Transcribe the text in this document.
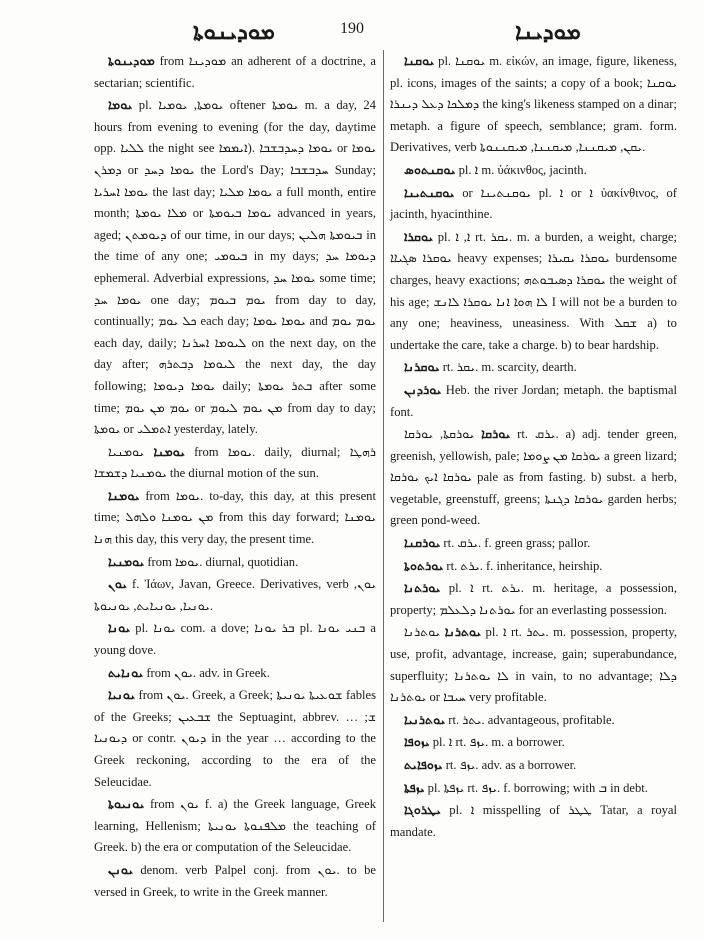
ܡܘܕܝܢܘܬܐ	190	ܡܘܕܝܢܐ

ܡܘܕܝܢܘܬܐ from ܡܘܕܝܢܐ an adherent of a doctrine, a sectarian; scientific.

ܝܘܡܐ pl. ܝܘܡܬܐ, ܝܘܡܝܐ oftener ܝܘܡܬܐ m. a day, 24 hours from evening to evening (for the day, daytime opp. ܠܠܝܐ the night see ܐܝܡܡܐ). ܝܘܡܐ ܕܚܕܒܫܒܐ or ܝܘܡܐ ܕܡܪܢ or ܝܘܡܐ ܕܚܕ the Lord's Day; ܚܕܒܫܒܐ Sunday; ܝܘܡܐ ܐܚܪܝܐ the last day; ܝܘܡܐ ܡܠܝܐ a full month, entire month; ܡܠܐ ܝܘܡܬܐ or ܝܘܡܐ ܒܝܘܡܬܐ advanced in years, aged; ܕܝܘܡܬܢ of our time, in our days; ܒܝܘܡܬܐ ܗܠܝܢ in the time of any one; ܒܝܘܡܝ in my days; ܕܝܘܡܐ ܚܕ ephemeral. Adverbial expressions, ܝܘܡܐ ܚܕ some time; ܝܘܡܐ ܚܕ one day; ܝܘܡ ܒܝܘܡ from day to day, continually; ܟܠ ܝܘܡ each day; ܝܘܡܐ ܝܘܡܐ and ܝܘܡ ܝܘܡ each day, daily; ܠܝܘܡܐ ܐܚܪܢܐ on the next day, on the day after; ܠܝܘܡܐ ܕܒܬܪܗ the next day, the day following; ܝܘܡܐ ܕܝܘܡܐ daily; ܒܬܪ ܝܘܡܬܐ after some time; ܝܘܡ ܡܢ ܝܘܡ or ܡܢ ܝܘܡ ܠܝܘܡ from day to day; ܝܘܡܬܐ or ܐܬܡܠܝ yesterday, lately.

ܝܘܡܢܐ ܝܘܡܢܝܐ from ܝܘܡܐ. daily, diurnal; ܪܗܛܐ ܝܘܡܢܝܐ ܕܫܡܫܐ the diurnal motion of the sun.

ܝܘܡܢܐ from ܝܘܡܐ. to-day, this day, at this present time; ܡܢ ܝܘܡܢܐ ܘܠܗܠ from this day forward; ܝܘܡܢܐ ܗܢܐ this day, this very day, the present time.

ܝܘܡܢܝܐ from ܝܘܡܐ. diurnal, quotidian.

ܝܘܢ f. Ἰάων, Javan, Greece. Derivatives, verb ܝܘܢ, ܝܘܢܝܐ, ܝܘܢܝܐܝܬ, ܝܘܢܝܘܬܐ.

ܝܘܢܐ pl. ܝܘܢܐ com. a dove; ܒܪ ܝܘܢܐ pl. ܒܢܝ ܝܘܢܐ a young dove.

ܝܘܢܐܝܬ from ܝܘܢ. adv. in Greek.

ܝܘܢܝܐ from ܝܘܢ. Greek, a Greek; ܫܘܥܝܬܐ ܝܘܢܝܬܐ fables of the Greeks; ܫܒܥܝܢ the Septuagint, abbrev. ܫ; … ܕܝܘܢܝܐ or contr. ܕܝܘܢ in the year … according to the Greek reckoning, according to the era of the Seleucidae.

ܝܘܢܝܘܬܐ from ܝܘܢ f. a) the Greek language, Greek learning, Hellenism; ܡܠܦܢܘܬܐ ܝܘܢܝܬܐ the teaching of Greek. b) the era or computation of the Seleucidae.

ܝܘܢܢ denom. verb Palpel conj. from ܝܘܢ. to be versed in Greek, to write in the Greek manner.

ܝܘܩܢܐ pl. ܝܘܩܢܐ m. εἰκών, an image, figure, likeness, pl. icons, images of the saints; a copy of a book; ܝܘܩܢܐ ܕܡܠܟܐ ܕܥܠ ܕܝܢܪܐ the king's likeness stamped on a dinar; metaph. a figure of speech, semblance; gram. form. Derivatives, verb ܝܩܢ, ܡܝܩܢܢܐ, ܡܝܩܢܢܐ, ܡܝܩܢܢܘܬܐ.

ܝܘܩܢܬܘܣ pl. ܐ m. ὑάκινθος, jacinth.

ܝܘܩܢܬܝܢܐ or ܝܘܩܢܬܝܢܐ pl. ܐ or ܐ ὑακίνθινος, of jacinth, hyacinthine.

ܝܘܩܪܐ pl. ܐ, ܐ rt. ܝܩܪ. m. a burden, a weight, charge; ܝܘܩܪܐ ܣܓܝܐܐ heavy expenses; ܝܘܩܪܐ ܝܩܝܪܐ burdensome charges, heavy exactions; ܝܘܩܪܐ ܕܣܝܒܘܬܗ the weight of his age; ܠܐ ܗܘܐ ܐܢܐ ܝܘܩܪܐ ܠܐܢܫ I will not be a burden to any one; heaviness, uneasiness. With ܫܩܠ a) to undertake the care, take a charge. b) to bear hardship.

ܝܘܩܪܢܐ rt. ܝܩܪ. m. scarcity, dearth.

ܝܘܪܕܢܢ Heb. the river Jordan; metaph. the baptismal font.

ܝܘܪܩܐ ܝܘܪܩܬܐ, ܝܘܪܩܐ rt. ܝܪܩ. a) adj. tender green, greenish, yellowish, pale; ܝܘܪܩܐ ܡܢ ܨܘܡܐ a green lizard; ܝܘܪܩܐ ܐܝܟ ܝܘܪܩܐ pale as from fasting. b) subst. a herb, vegetable, greenstuff, greens; ܝܘܪܩܐ ܕܓܢܬܐ garden herbs; green pond-weed.

ܝܘܪܩܢܐ rt. ܝܪܩ. f. green grass; pallor.

ܝܘܪܬܘܬܐ rt. ܝܪܬ. f. inheritance, heirship.

ܝܘܪܬܢܐ pl. ܐ rt. ܝܪܬ. m. heritage, a possession, property; ܝܘܪܬܢܐ ܕܠܥܠܡ for an everlasting possession.

ܝܘܬܪܢܐ ܝܘܬܪܢܐ pl. ܐ rt. ܝܬܪ. m. possession, property, use, profit, advantage, increase, gain; superabundance, superfluity; ܠܐ ܝܘܬܪܢܐ in vain, to no advantage; ܕܠܐ ܝܘܬܪܢܐ or ܚܝܒܐ very profitable.

ܝܘܬܪܢܝܐ rt. ܝܬܪ. advantageous, profitable.

ܝܙܘܦܐ pl. ܐ rt. ܝܙܦ. m. a borrower.

ܝܙܘܦܐܝܬ rt. ܝܙܦ. adv. as a borrower.

ܝܙܦܬܐ pl. ܝܙܦܬܐ rt. ܝܙܦ. f. borrowing; with ܒ in debt.

ܝܛܪܘܓܐ pl. ܐ misspelling of ܛܛܪ Tatar, a royal mandate.
